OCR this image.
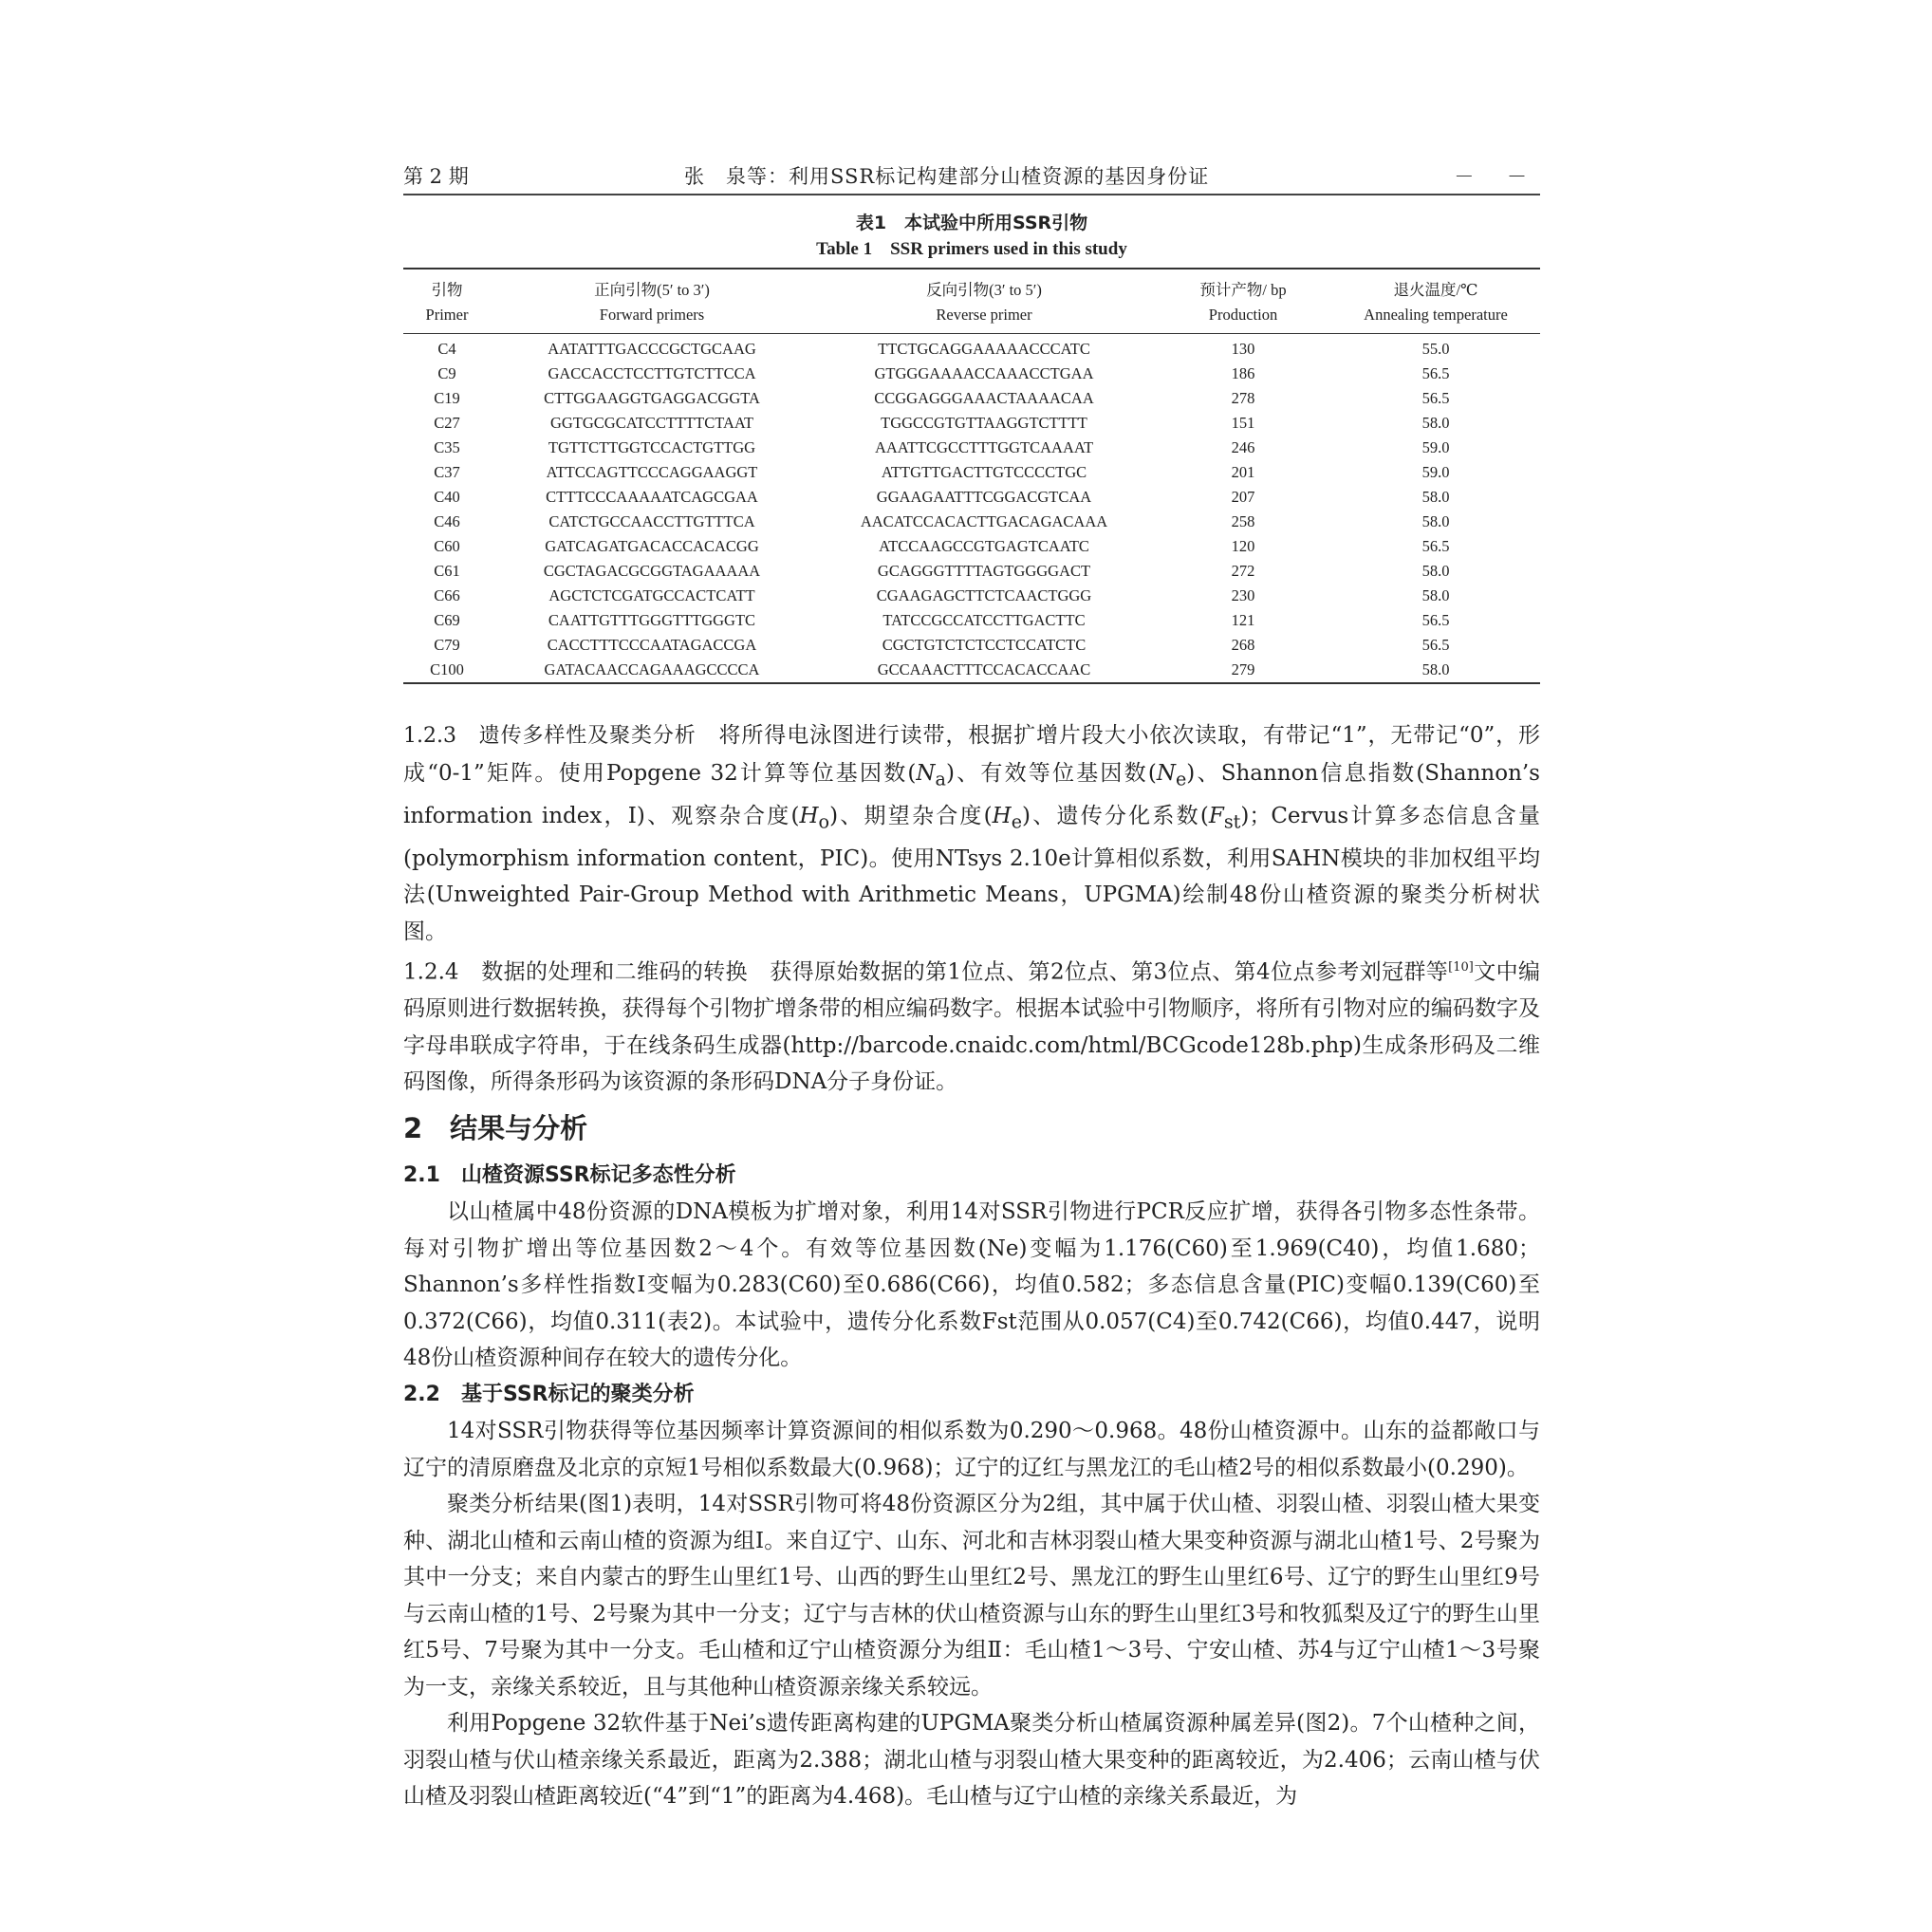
第 2 期	张　泉等：利用SSR标记构建部分山楂资源的基因身份证	－ －
表1　本试验中所用SSR引物
Table 1　SSR primers used in this study
引物	正向引物(5′ to 3′)	反向引物(3′ to 5′)	预计产物/ bp	退火温度/℃
Primer	Forward primers	Reverse primer	Production	Annealing temperature
C4	AATATTTGACCCGCTGCAAG	TTCTGCAGGAAAAACCCATC	130	55.0
C9	GACCACCTCCTTGTCTTCCA	GTGGGAAAACCAAACCTGAA	186	56.5
C19	CTTGGAAGGTGAGGACGGTA	CCGGAGGGAAACTAAAACAA	278	56.5
C27	GGTGCGCATCCTTTTCTAAT	TGGCCGTGTTAAGGTCTTTT	151	58.0
C35	TGTTCTTGGTCCACTGTTGG	AAATTCGCCTTTGGTCAAAAT	246	59.0
C37	ATTCCAGTTCCCAGGAAGGT	ATTGTTGACTTGTCCCCTGC	201	59.0
C40	CTTTCCCAAAAATCAGCGAA	GGAAGAATTTCGGACGTCAA	207	58.0
C46	CATCTGCCAACCTTGTTTCA	AACATCCACACTTGACAGACAAA	258	58.0
C60	GATCAGATGACACCACACGG	ATCCAAGCCGTGAGTCAATC	120	56.5
C61	CGCTAGACGCGGTAGAAAAA	GCAGGGTTTTAGTGGGGACT	272	58.0
C66	AGCTCTCGATGCCACTCATT	CGAAGAGCTTCTCAACTGGG	230	58.0
C69	CAATTGTTTGGGTTTGGGTC	TATCCGCCATCCTTGACTTC	121	56.5
C79	CACCTTTCCCAATAGACCGA	CGCTGTCTCTCCTCCATCTC	268	56.5
C100	GATACAACCAGAAAGCCCCA	GCCAAACTTTCCACACCAAC	279	58.0

1.2.3　遗传多样性及聚类分析　将所得电泳图进行读带，根据扩增片段大小依次读取，有带记“1”，无带记“0”，形成“0-1”矩阵。使用Popgene 32计算等位基因数$(N_a)$、有效等位基因数$(N_e)$、Shannon信息指数(Shannon’s information index，I)、观察杂合度$(H_o)$、期望杂合度$(H_e)$、遗传分化系数$(F_{st})$；Cervus计算多态信息含量(polymorphism information content，PIC)。使用NTsys 2.10e计算相似系数，利用SAHN模块的非加权组平均法(Unweighted Pair-Group Method with Arithmetic Means，UPGMA)绘制48份山楂资源的聚类分析树状图。

1.2.4　数据的处理和二维码的转换　获得原始数据的第1位点、第2位点、第3位点、第4位点参考刘冠群等[10]文中编码原则进行数据转换，获得每个引物扩增条带的相应编码数字。根据本试验中引物顺序，将所有引物对应的编码数字及字母串联成字符串，于在线条码生成器(http://barcode.cnaidc.com/html/BCGcode128b.php)生成条形码及二维码图像，所得条形码为该资源的条形码DNA分子身份证。

2　结果与分析
2.1　山楂资源SSR标记多态性分析

以山楂属中48份资源的DNA模板为扩增对象，利用14对SSR引物进行PCR反应扩增，获得各引物多态性条带。每对引物扩增出等位基因数2～4个。有效等位基因数(Ne)变幅为1.176(C60)至1.969(C40)，均值1.680；Shannon’s多样性指数I变幅为0.283(C60)至0.686(C66)，均值0.582；多态信息含量(PIC)变幅0.139(C60)至0.372(C66)，均值0.311(表2)。本试验中，遗传分化系数Fst范围从0.057(C4)至0.742(C66)，均值0.447，说明48份山楂资源种间存在较大的遗传分化。

2.2　基于SSR标记的聚类分析

14对SSR引物获得等位基因频率计算资源间的相似系数为0.290～0.968。48份山楂资源中。山东的益都敞口与辽宁的清原磨盘及北京的京短1号相似系数最大(0.968)；辽宁的辽红与黑龙江的毛山楂2号的相似系数最小(0.290)。

聚类分析结果(图1)表明，14对SSR引物可将48份资源区分为2组，其中属于伏山楂、羽裂山楂、羽裂山楂大果变种、湖北山楂和云南山楂的资源为组Ⅰ。来自辽宁、山东、河北和吉林羽裂山楂大果变种资源与湖北山楂1号、2号聚为其中一分支；来自内蒙古的野生山里红1号、山西的野生山里红2号、黑龙江的野生山里红6号、辽宁的野生山里红9号与云南山楂的1号、2号聚为其中一分支；辽宁与吉林的伏山楂资源与山东的野生山里红3号和牧狐梨及辽宁的野生山里红5号、7号聚为其中一分支。毛山楂和辽宁山楂资源分为组Ⅱ：毛山楂1～3号、宁安山楂、苏4与辽宁山楂1～3号聚为一支，亲缘关系较近，且与其他种山楂资源亲缘关系较远。

利用Popgene 32软件基于Nei’s遗传距离构建的UPGMA聚类分析山楂属资源种属差异(图2)。7个山楂种之间，羽裂山楂与伏山楂亲缘关系最近，距离为2.388；湖北山楂与羽裂山楂大果变种的距离较近，为2.406；云南山楂与伏山楂及羽裂山楂距离较近(“4”到“1”的距离为4.468)。毛山楂与辽宁山楂的亲缘关系最近，为
